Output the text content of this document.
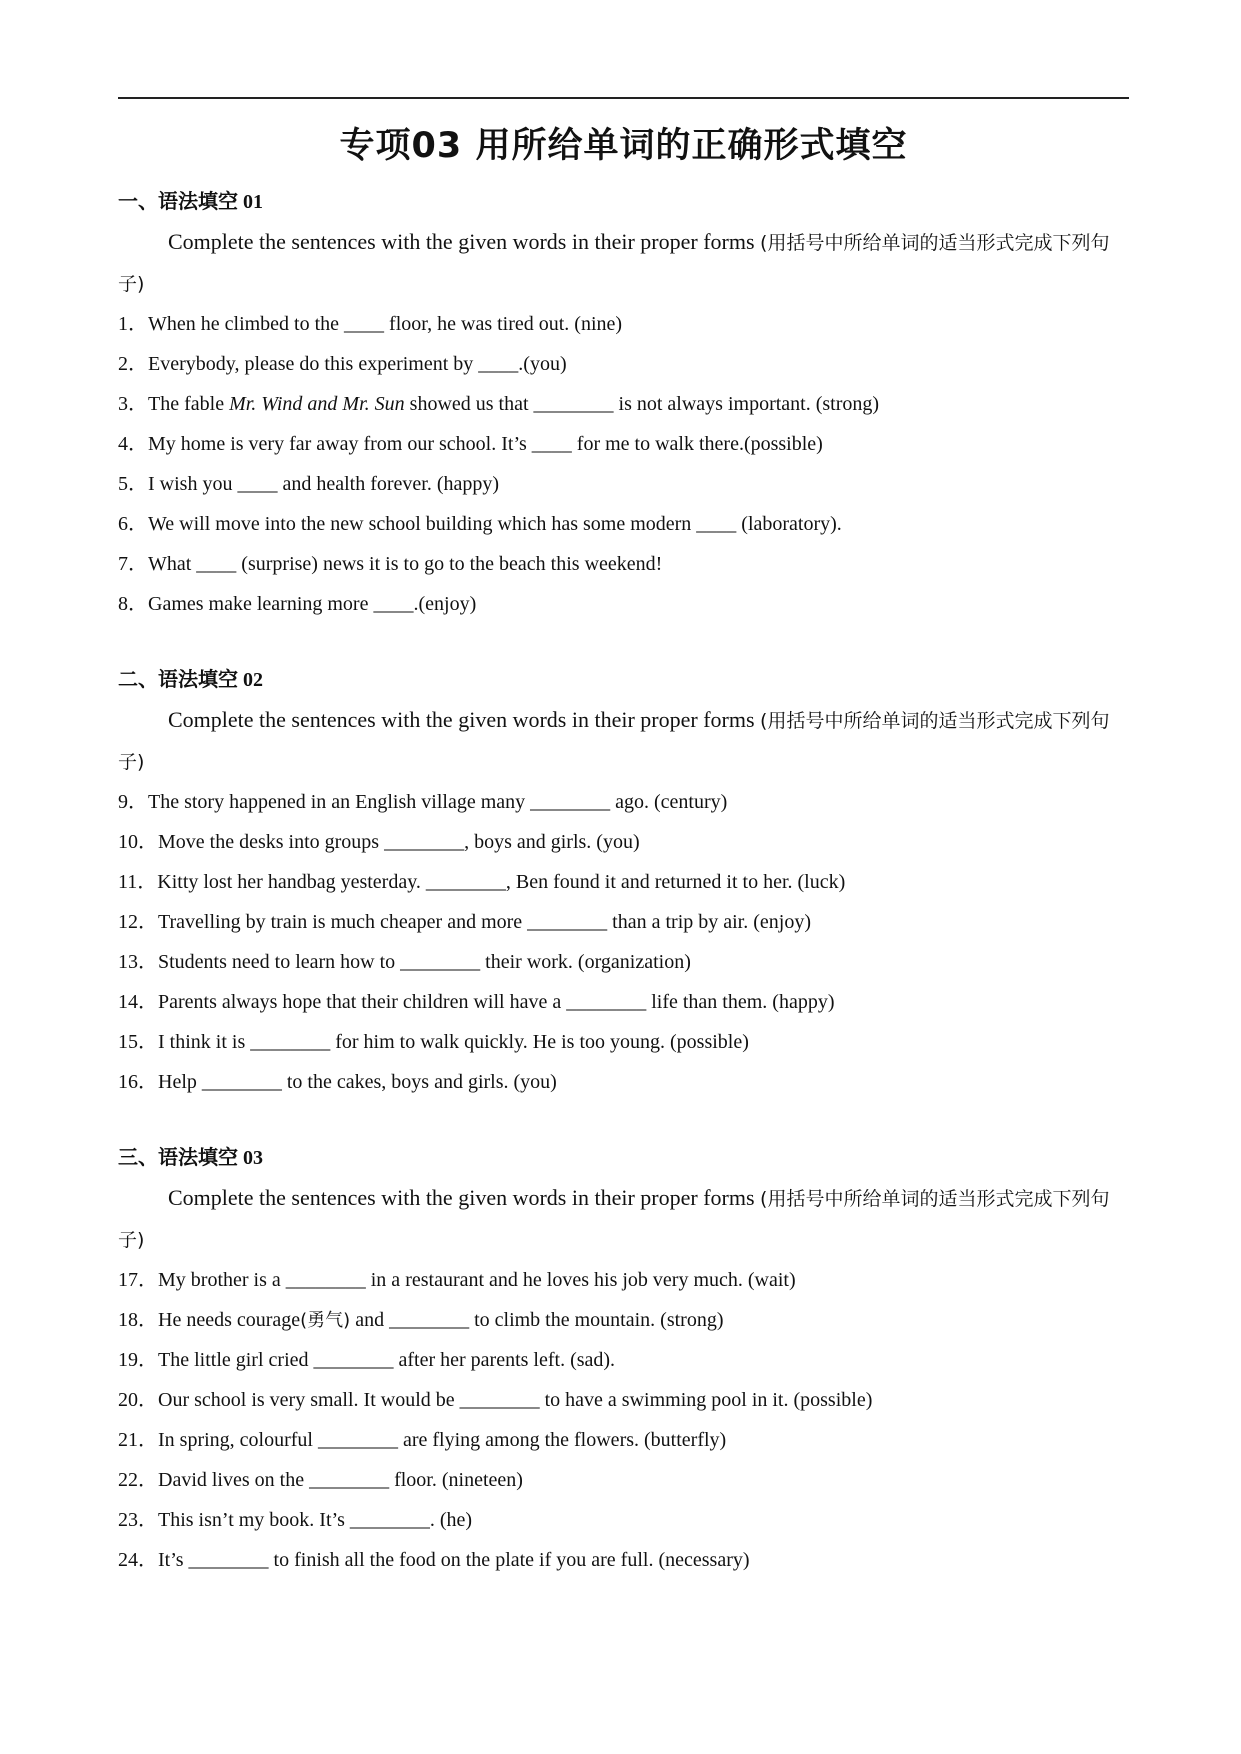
专项03 用所给单词的正确形式填空
一、语法填空 01
Complete the sentences with the given words in their proper forms (用括号中所给单词的适当形式完成下列句子)
1．When he climbed to the ____ floor, he was tired out. (nine)
2．Everybody, please do this experiment by ____.(you)
3．The fable Mr. Wind and Mr. Sun showed us that ________ is not always important. (strong)
4．My home is very far away from our school. It’s ____ for me to walk there.(possible)
5．I wish you ____ and health forever. (happy)
6．We will move into the new school building which has some modern ____ (laboratory).
7．What ____ (surprise) news it is to go to the beach this weekend!
8．Games make learning more ____.(enjoy)
二、语法填空 02
Complete the sentences with the given words in their proper forms (用括号中所给单词的适当形式完成下列句子)
9．The story happened in an English village many ________ ago. (century)
10．Move the desks into groups ________, boys and girls. (you)
11．Kitty lost her handbag yesterday. ________, Ben found it and returned it to her. (luck)
12．Travelling by train is much cheaper and more ________ than a trip by air. (enjoy)
13．Students need to learn how to ________ their work. (organization)
14．Parents always hope that their children will have a ________ life than them. (happy)
15．I think it is ________ for him to walk quickly. He is too young. (possible)
16．Help ________ to the cakes, boys and girls. (you)
三、语法填空 03
Complete the sentences with the given words in their proper forms (用括号中所给单词的适当形式完成下列句子)
17．My brother is a ________ in a restaurant and he loves his job very much. (wait)
18．He needs courage(勇气) and ________ to climb the mountain. (strong)
19．The little girl cried ________ after her parents left. (sad).
20．Our school is very small. It would be ________ to have a swimming pool in it. (possible)
21．In spring, colourful ________ are flying among the flowers. (butterfly)
22．David lives on the ________ floor. (nineteen)
23．This isn’t my book. It’s ________. (he)
24．It’s ________ to finish all the food on the plate if you are full. (necessary)
